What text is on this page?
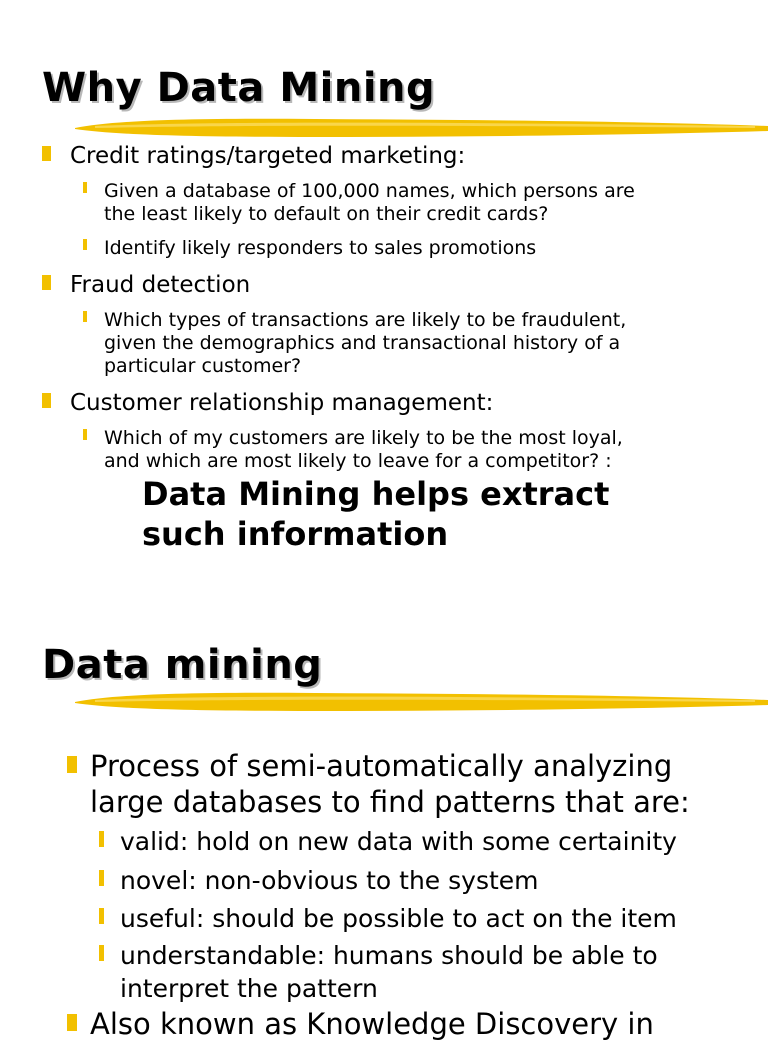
Why Data Mining
Credit ratings/targeted marketing:
Given a database of 100,000 names, which persons are
the least likely to default on their credit cards?
Identify likely responders to sales promotions
Fraud detection
Which types of transactions are likely to be fraudulent,
given the demographics and transactional history of a
particular customer?
Customer relationship management:
Which of my customers are likely to be the most loyal,
and which are most likely to leave for a competitor? :
Data Mining helps extract
such information
Data mining
Process of semi-automatically analyzing
large databases to find patterns that are:
valid: hold on new data with some certainity
novel: non-obvious to the system
useful: should be possible to act on the item
understandable: humans should be able to
interpret the pattern
Also known as Knowledge Discovery in
